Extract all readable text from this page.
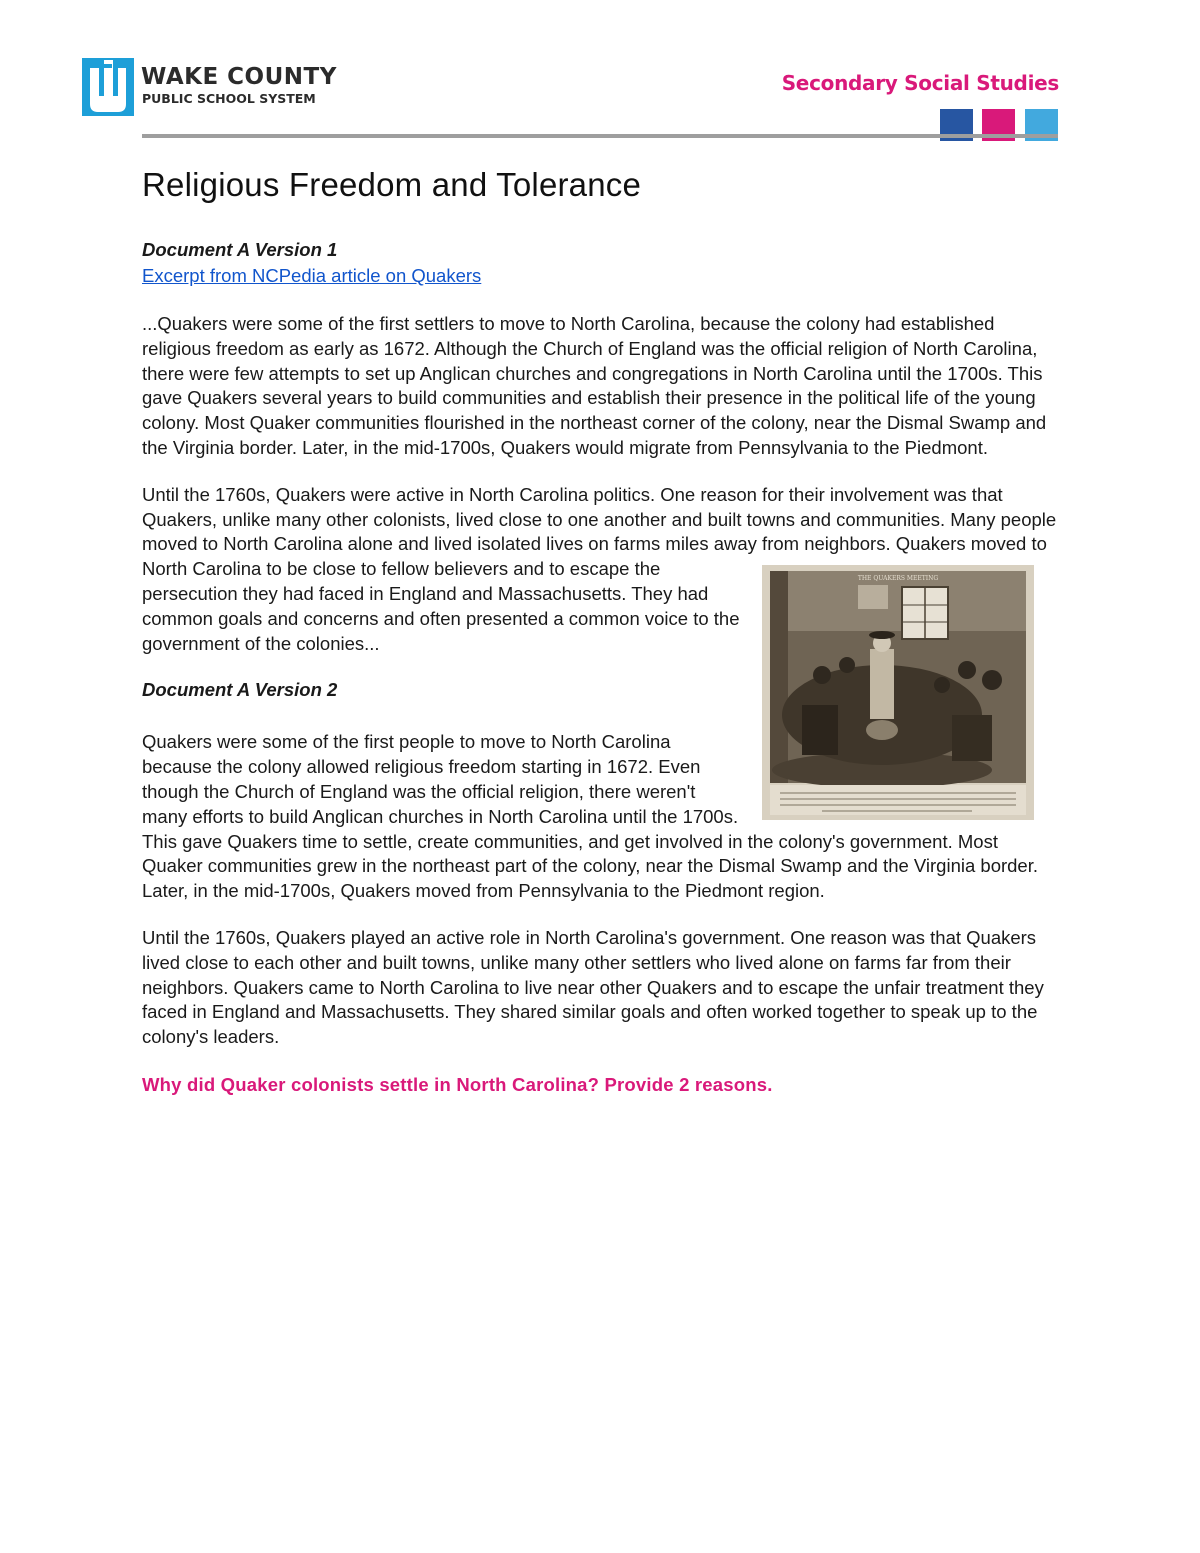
WAKE COUNTY
PUBLIC SCHOOL SYSTEM
Secondary Social Studies
Religious Freedom and Tolerance
Document A Version 1
Excerpt from NCPedia article on Quakers

...Quakers were some of the first settlers to move to North Carolina, because the colony had established religious freedom as early as 1672. Although the Church of England was the official religion of North Carolina, there were few attempts to set up Anglican churches and congregations in North Carolina until the 1700s. This gave Quakers several years to build communities and establish their presence in the political life of the young colony. Most Quaker communities flourished in the northeast corner of the colony, near the Dismal Swamp and the Virginia border. Later, in the mid-1700s, Quakers would migrate from Pennsylvania to the Piedmont.

Until the 1760s, Quakers were active in North Carolina politics. One reason for their involvement was that Quakers, unlike many other colonists, lived close to one another and built towns and communities. Many people moved to North Carolina alone and lived isolated lives on farms miles away from neighbors. Quakers moved to North Carolina to be close to fellow believers	THE QUAKERS MEETING
and to escape the persecution they had faced in England and Massachusetts. They had common goals and concerns and often presented a common voice to the government of the colonies...

Document A Version 2

Quakers were some of the first people to move to North Carolina because the colony allowed religious freedom starting in 1672. Even though the Church of England was the official religion, there weren't many efforts to build Anglican churches in North Carolina until the 1700s. This gave Quakers time to settle, create communities, and get involved in the colony's government. Most Quaker communities grew in the northeast part of the colony, near the Dismal Swamp and the Virginia border. Later, in the mid-1700s, Quakers moved from Pennsylvania to the Piedmont region.

Until the 1760s, Quakers played an active role in North Carolina's government. One reason was that Quakers lived close to each other and built towns, unlike many other settlers who lived alone on farms far from their neighbors. Quakers came to North Carolina to live near other Quakers and to escape the unfair treatment they faced in England and Massachusetts. They shared similar goals and often worked together to speak up to the colony's leaders.

Why did Quaker colonists settle in North Carolina? Provide 2 reasons.
